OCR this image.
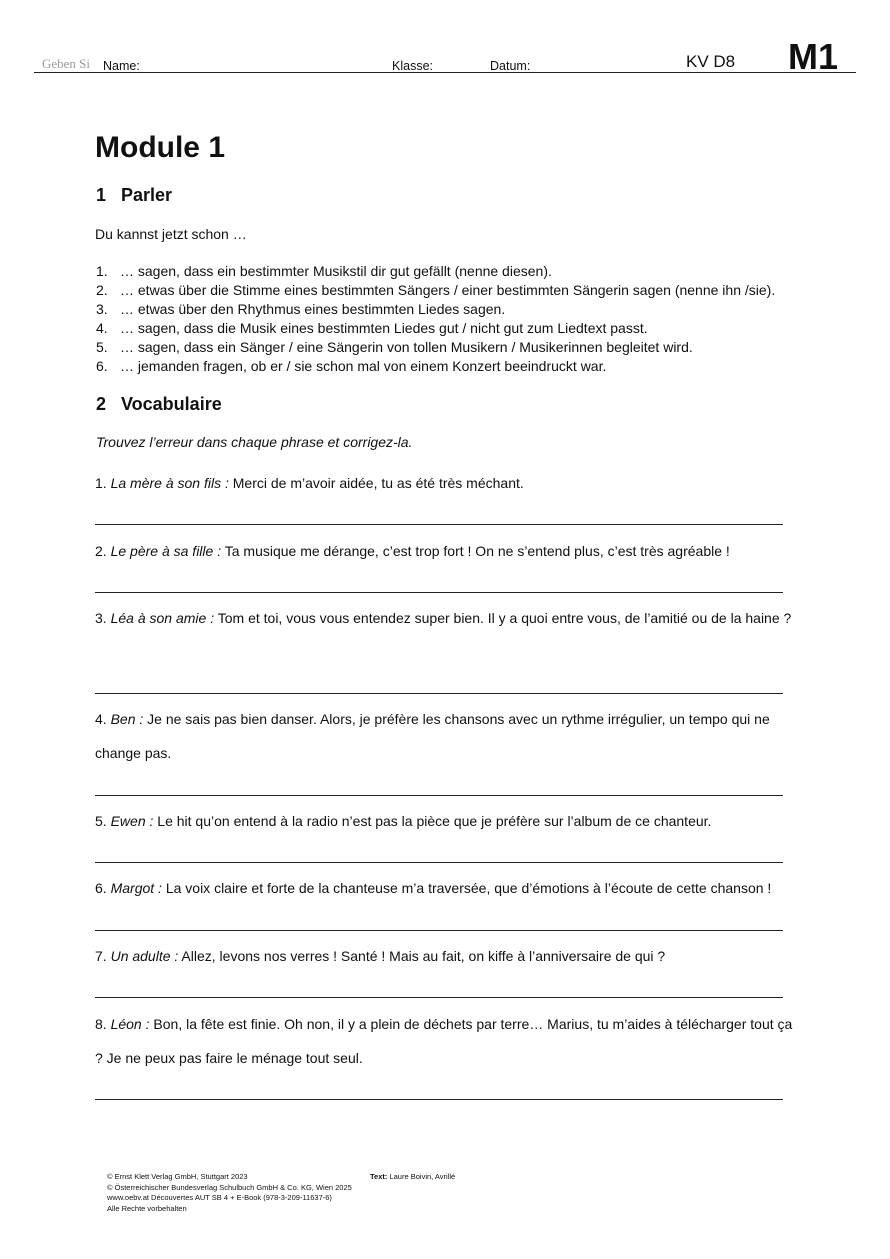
Geben Si Name:	Klasse:	Datum:	KV D8 M1
Module 1
1 Parler
Du kannst jetzt schon …
1. … sagen, dass ein bestimmter Musikstil dir gut gefällt (nenne diesen).
2. … etwas über die Stimme eines bestimmten Sängers / einer bestimmten Sängerin sagen (nenne ihn /sie).
3. … etwas über den Rhythmus eines bestimmten Liedes sagen.
4. … sagen, dass die Musik eines bestimmten Liedes gut / nicht gut zum Liedtext passt.
5. … sagen, dass ein Sänger / eine Sängerin von tollen Musikern / Musikerinnen begleitet wird.
6. … jemanden fragen, ob er / sie schon mal von einem Konzert beeindruckt war.
2 Vocabulaire
Trouvez l’erreur dans chaque phrase et corrigez-la.
1. La mère à son fils : Merci de m’avoir aidée, tu as été très méchant.
2. Le père à sa fille : Ta musique me dérange, c’est trop fort ! On ne s’entend plus, c’est très agréable !
3. Léa à son amie : Tom et toi, vous vous entendez super bien. Il y a quoi entre vous, de l’amitié ou de la haine ?
4. Ben : Je ne sais pas bien danser. Alors, je préfère les chansons avec un rythme irrégulier, un tempo qui ne change pas.
5. Ewen : Le hit qu’on entend à la radio n’est pas la pièce que je préfère sur l’album de ce chanteur.
6. Margot : La voix claire et forte de la chanteuse m’a traversée, que d’émotions à l’écoute de cette chanson !
7. Un adulte : Allez, levons nos verres ! Santé ! Mais au fait, on kiffe à l’anniversaire de qui ?
8. Léon : Bon, la fête est finie. Oh non, il y a plein de déchets par terre… Marius, tu m’aides à télécharger tout ça ? Je ne peux pas faire le ménage tout seul.
© Ernst Klett Verlag GmbH, Stuttgart 2023
© Österreichischer Bundesverlag Schulbuch GmbH & Co. KG, Wien 2025
www.oebv.at Découvertes AUT SB 4 + E-Book (978-3-209-11637-6)
Alle Rechte vorbehalten
Text: Laure Boivin, Avrillé
